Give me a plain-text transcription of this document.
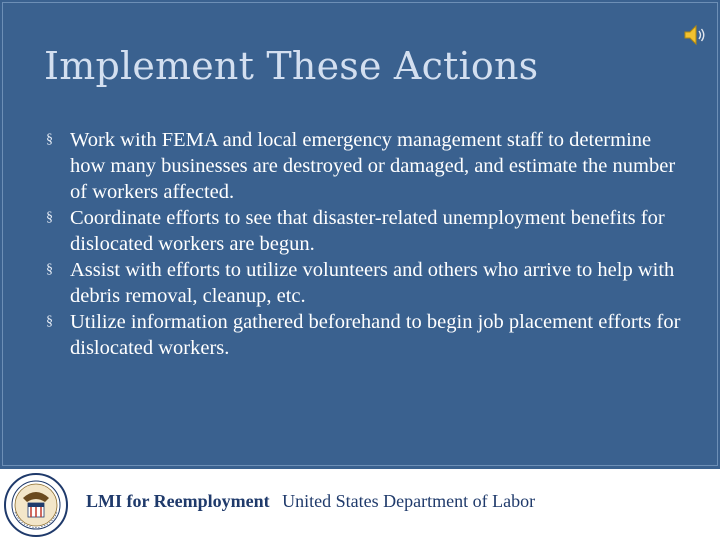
Implement These Actions
§ Work with FEMA and local emergency management staff to determine how many businesses are destroyed or damaged, and estimate the number of workers affected.
§ Coordinate efforts to see that disaster-related unemployment benefits for dislocated workers are begun.
§ Assist with efforts to utilize volunteers and others who arrive to help with debris removal, cleanup, etc.
§ Utilize information gathered beforehand to begin job placement efforts for dislocated workers.
LMI for Reemployment United States Department of Labor
